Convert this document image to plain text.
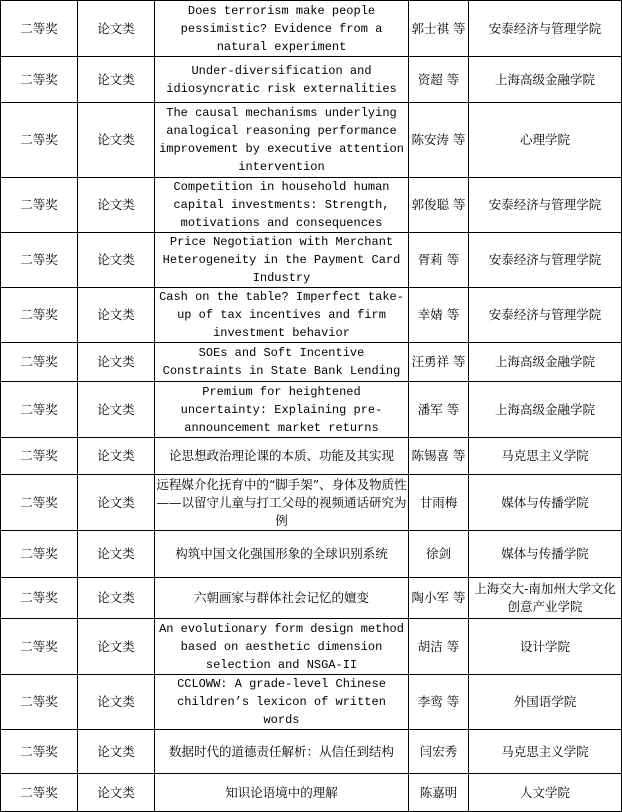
二等奖	论文类	Does terrorism make people pessimistic? Evidence from a natural experiment	郭士祺 等	安泰经济与管理学院
二等奖	论文类	Under-diversification and idiosyncratic risk externalities	资超 等	上海高级金融学院
二等奖	论文类	The causal mechanisms underlying analogical reasoning performance improvement by executive attention intervention	陈安涛 等	心理学院
二等奖	论文类	Competition in household human capital investments: Strength, motivations and consequences	郭俊聪 等	安泰经济与管理学院
二等奖	论文类	Price Negotiation with Merchant Heterogeneity in the Payment Card Industry	胥莉 等	安泰经济与管理学院
二等奖	论文类	Cash on the table? Imperfect take-up of tax incentives and firm investment behavior	幸婧 等	安泰经济与管理学院
二等奖	论文类	SOEs and Soft Incentive Constraints in State Bank Lending	汪勇祥 等	上海高级金融学院
二等奖	论文类	Premium for heightened uncertainty: Explaining pre-announcement market returns	潘军 等	上海高级金融学院
二等奖	论文类	论思想政治理论课的本质、功能及其实现	陈锡喜 等	马克思主义学院
二等奖	论文类	远程媒介化抚育中的“脚手架”、身体及物质性——以留守儿童与打工父母的视频通话研究为例	甘雨梅	媒体与传播学院
二等奖	论文类	构筑中国文化强国形象的全球识别系统	徐剑	媒体与传播学院
二等奖	论文类	六朝画家与群体社会记忆的嬗变	陶小军 等	上海交大-南加州大学文化创意产业学院
二等奖	论文类	An evolutionary form design method based on aesthetic dimension selection and NSGA-II	胡洁 等	设计学院
二等奖	论文类	CCLOWW: A grade‑level Chinese children’s lexicon of written words	李鸾 等	外国语学院
二等奖	论文类	数据时代的道德责任解析：从信任到结构	闫宏秀	马克思主义学院
二等奖	论文类	知识论语境中的理解	陈嘉明	人文学院
